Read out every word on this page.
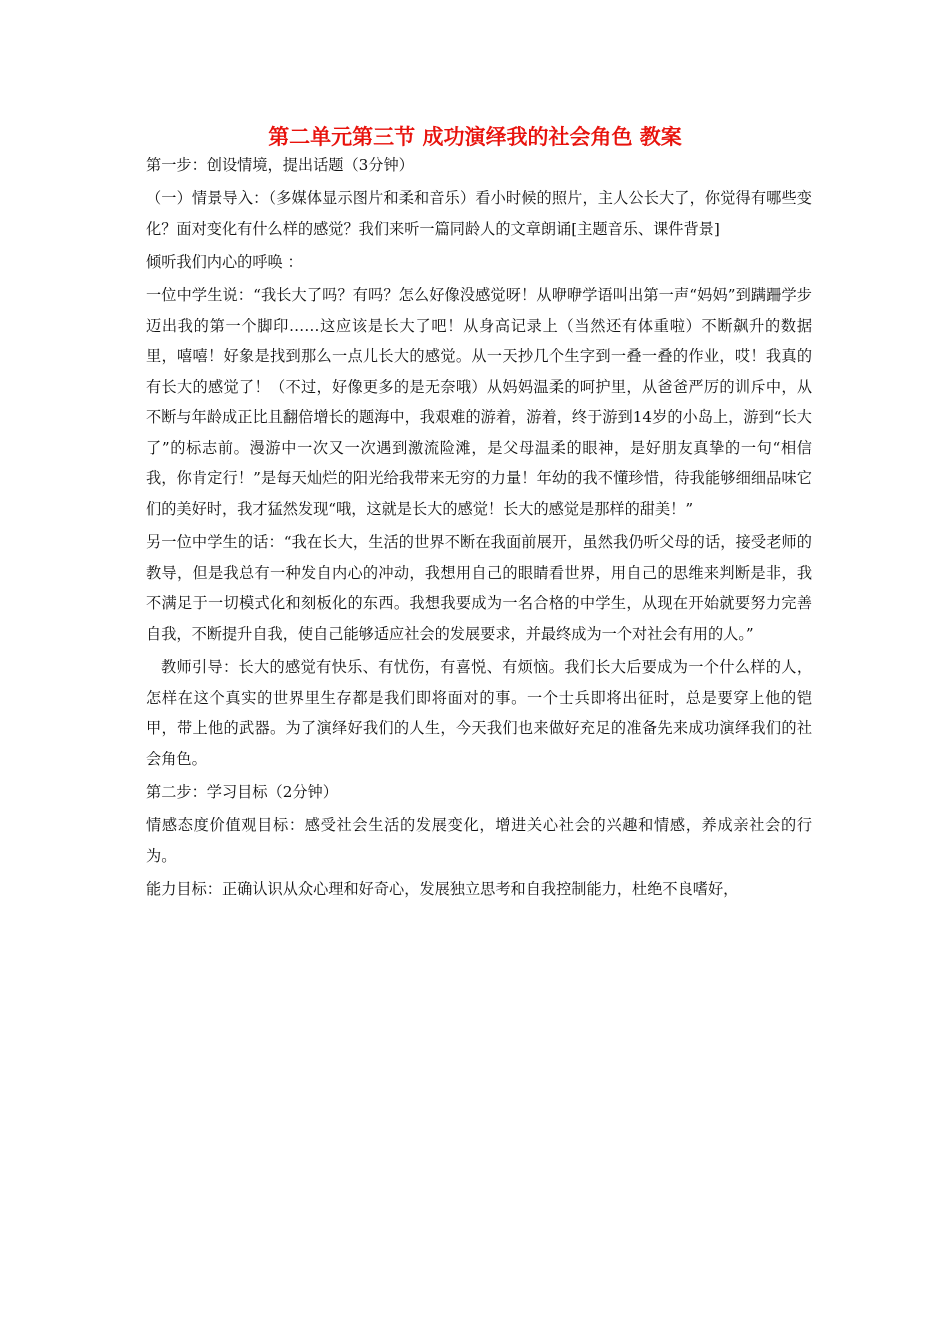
第二单元第三节 成功演绎我的社会角色 教案

第一步：创设情境，提出话题（3分钟）

（一）情景导入：（多媒体显示图片和柔和音乐）看小时候的照片，主人公长大了，你觉得有哪些变化？面对变化有什么样的感觉？我们来听一篇同龄人的文章朗诵[主题音乐、课件背景]

倾听我们内心的呼唤 ：

一位中学生说：“我长大了吗？有吗？怎么好像没感觉呀！从咿咿学语叫出第一声“妈妈”到蹒跚学步迈出我的第一个脚印……这应该是长大了吧！从身高记录上（当然还有体重啦）不断飙升的数据里，嘻嘻！好象是找到那么一点儿长大的感觉。从一天抄几个生字到一叠一叠的作业，哎！我真的有长大的感觉了！（不过，好像更多的是无奈哦）从妈妈温柔的呵护里，从爸爸严厉的训斥中，从不断与年龄成正比且翻倍增长的题海中，我艰难的游着，游着，终于游到14岁的小岛上，游到“长大了”的标志前。漫游中一次又一次遇到激流险滩，是父母温柔的眼神，是好朋友真挚的一句“相信我，你肯定行！”是每天灿烂的阳光给我带来无穷的力量！年幼的我不懂珍惜，待我能够细细品味它们的美好时，我才猛然发现“哦，这就是长大的感觉！长大的感觉是那样的甜美！”

另一位中学生的话：“我在长大，生活的世界不断在我面前展开，虽然我仍听父母的话，接受老师的教导，但是我总有一种发自内心的冲动，我想用自己的眼睛看世界，用自己的思维来判断是非，我不满足于一切模式化和刻板化的东西。我想我要成为一名合格的中学生，从现在开始就要努力完善自我，不断提升自我，使自己能够适应社会的发展要求，并最终成为一个对社会有用的人。”

教师引导：长大的感觉有快乐、有忧伤，有喜悦、有烦恼。我们长大后要成为一个什么样的人，怎样在这个真实的世界里生存都是我们即将面对的事。一个士兵即将出征时，总是要穿上他的铠甲，带上他的武器。为了演绎好我们的人生，今天我们也来做好充足的准备先来成功演绎我们的社会角色。

第二步：学习目标（2分钟）

情感态度价值观目标：感受社会生活的发展变化，增进关心社会的兴趣和情感，养成亲社会的行为。

能力目标：正确认识从众心理和好奇心，发展独立思考和自我控制能力，杜绝不良嗜好，
